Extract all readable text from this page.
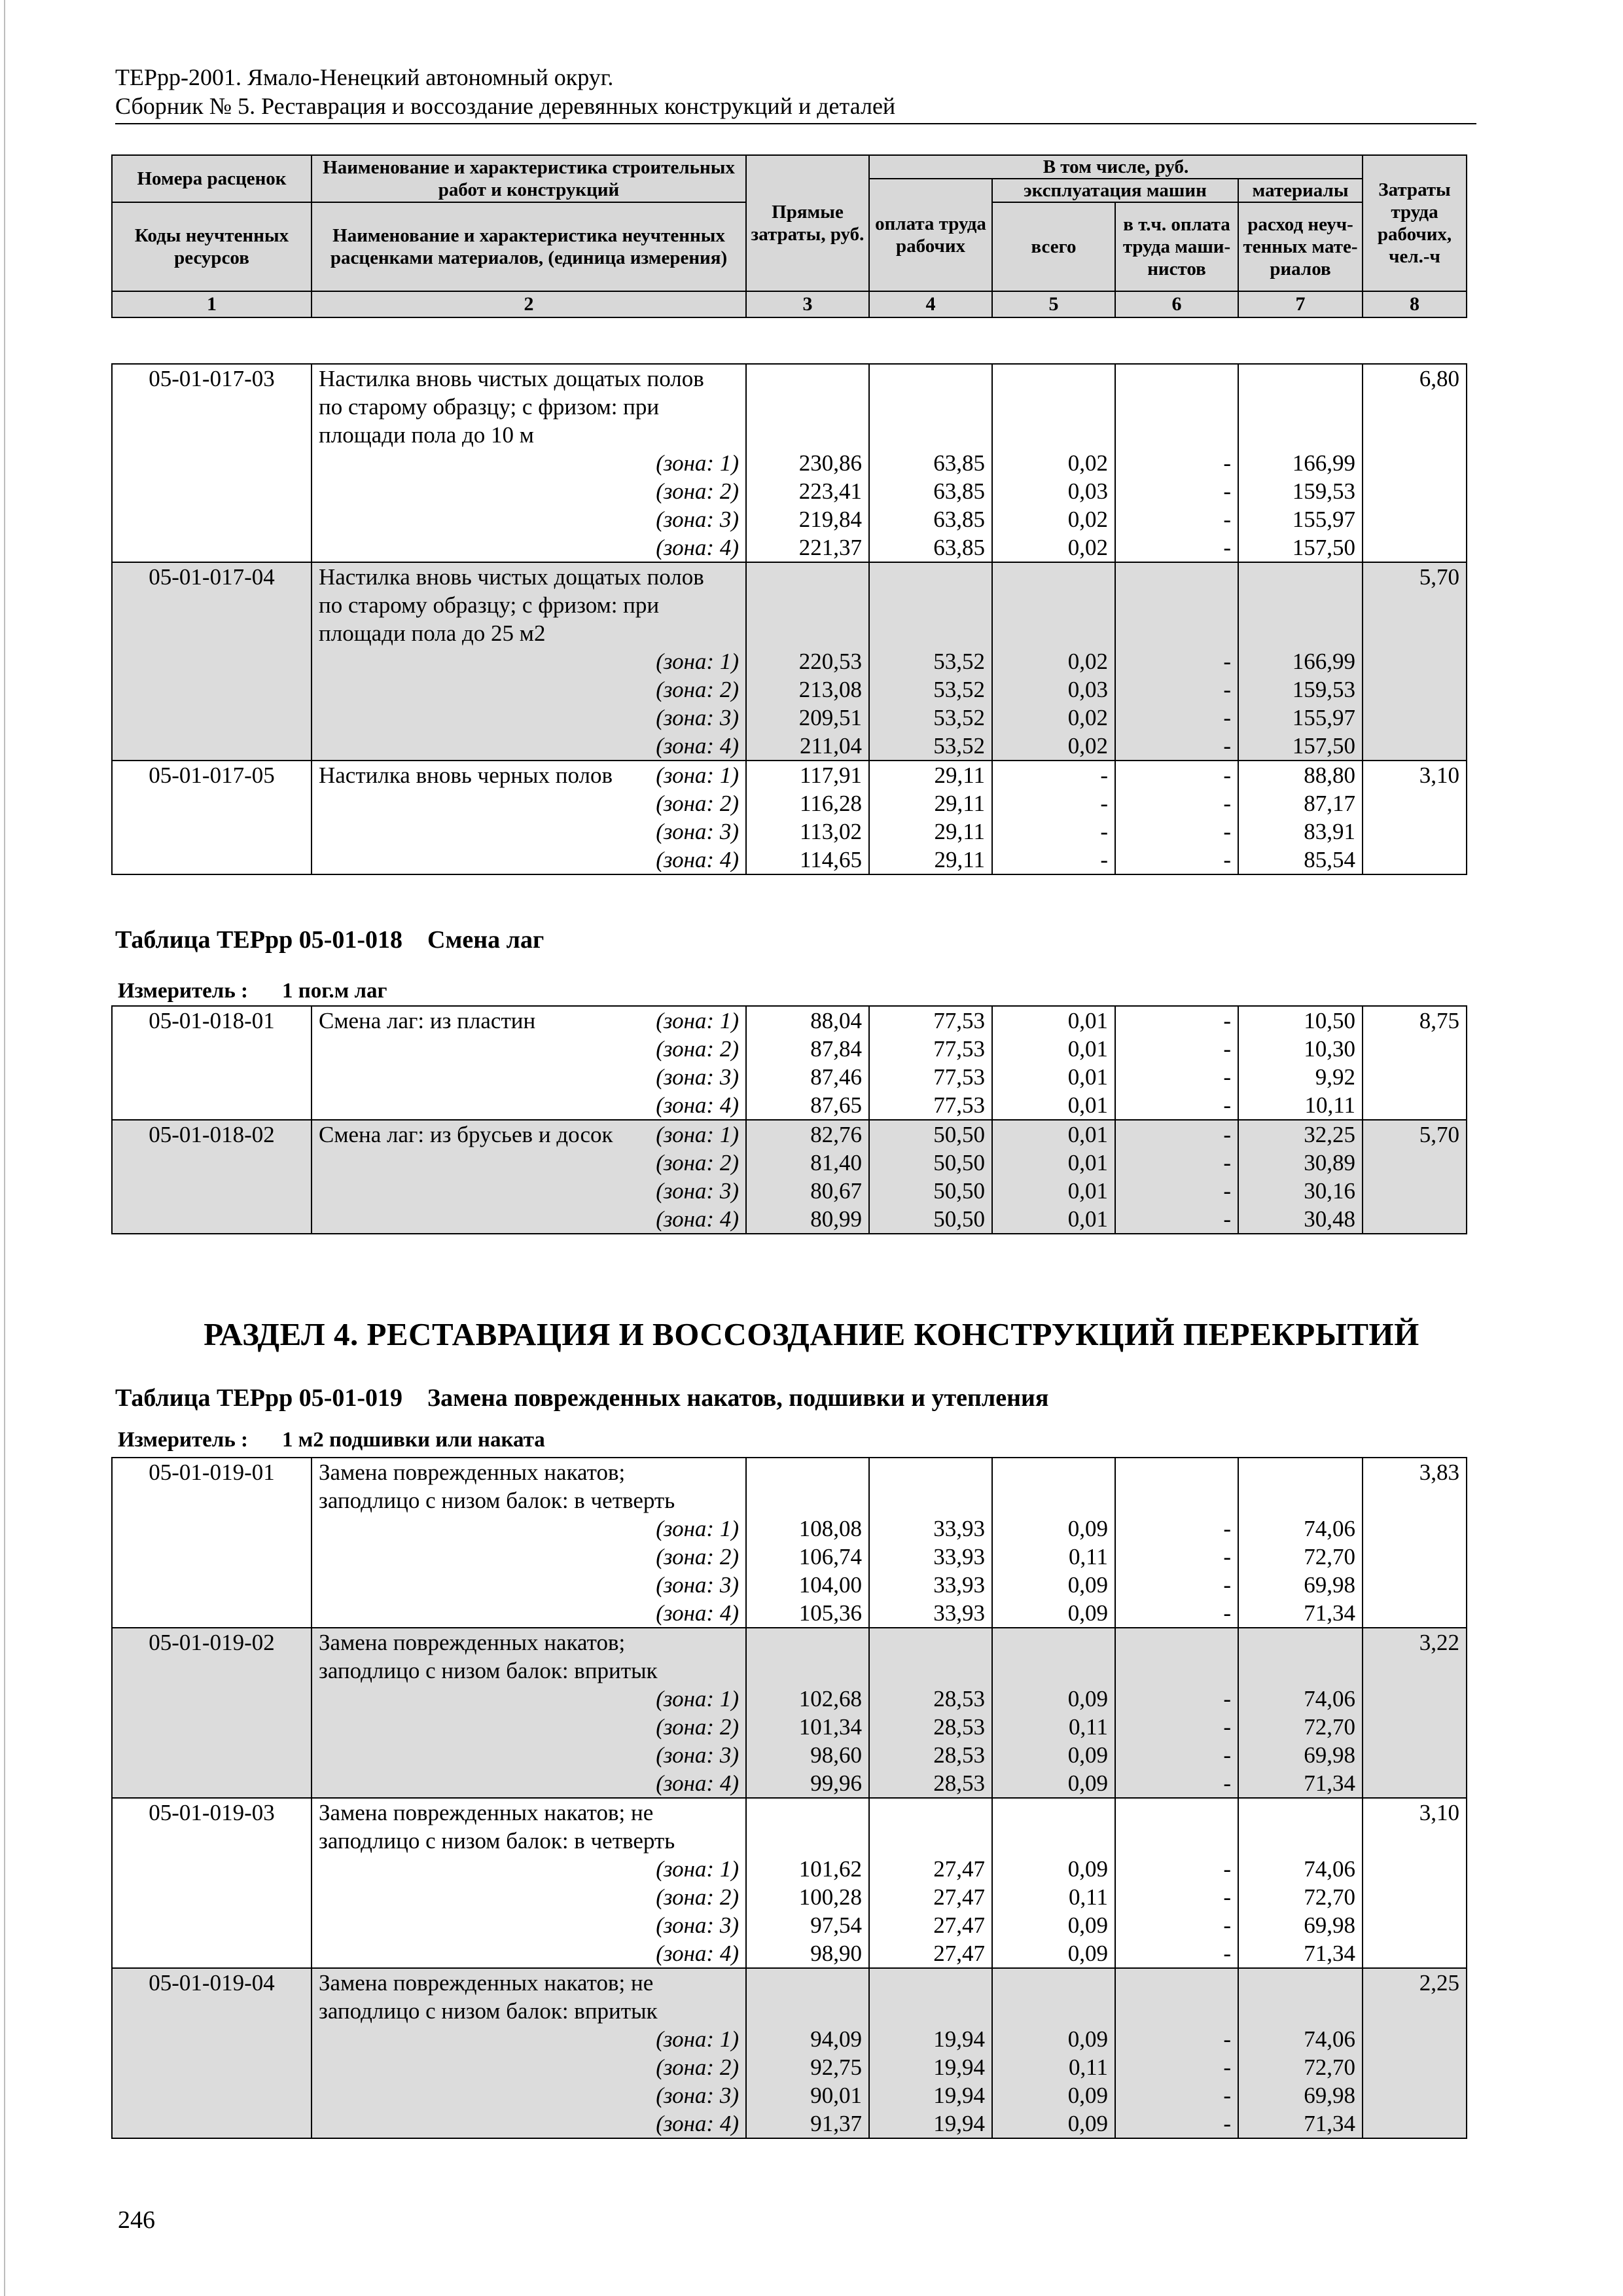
ТЕРрр-2001. Ямало-Ненецкий автономный округ.
Сборник № 5. Реставрация и воссоздание деревянных конструкций и деталей
Номера расценок	Наименование и характеристика строительных работ и конструкций	Прямые затраты, руб.	В том числе, руб.				Затраты труда рабочих, чел.-ч
			оплата труда рабочих	эксплуатация машин		материалы	
Коды неучтенных ресурсов	Наименование и характеристика неучтенных расценками материалов, (единица измерения)			всего	в т.ч. оплата труда маши-нистов	расход неуч-тенных мате-риалов	

1	2	3	4	5	6	7	8
05-01-017-03	Настилка вновь чистых дощатых полов						6,80
	по старому образцу; с фризом: при						
	площади пола до 10 м						
	(зона: 1)	230,86	63,85	0,02	-	166,99	
	(зона: 2)	223,41	63,85	0,03	-	159,53	
	(зона: 3)	219,84	63,85	0,02	-	155,97	
	(зона: 4)	221,37	63,85	0,02	-	157,50	
05-01-017-04	Настилка вновь чистых дощатых полов						5,70
	по старому образцу; с фризом: при						
	площади пола до 25 м2						
	(зона: 1)	220,53	53,52	0,02	-	166,99	
	(зона: 2)	213,08	53,52	0,03	-	159,53	
	(зона: 3)	209,51	53,52	0,02	-	155,97	
	(зона: 4)	211,04	53,52	0,02	-	157,50	
05-01-017-05	Настилка вновь черных полов (зона: 1)	117,91	29,11	-	-	88,80	3,10
	(зона: 2)	116,28	29,11	-	-	87,17	
	(зона: 3)	113,02	29,11	-	-	83,91	
	(зона: 4)	114,65	29,11	-	-	85,54	
Таблица ТЕРрр 05-01-018 Смена лаг
Измеритель : 1 пог.м лаг
05-01-018-01	Смена лаг: из пластин (зона: 1)	88,04	77,53	0,01	-	10,50	8,75
	(зона: 2)	87,84	77,53	0,01	-	10,30	
	(зона: 3)	87,46	77,53	0,01	-	9,92	
	(зона: 4)	87,65	77,53	0,01	-	10,11	
05-01-018-02	Смена лаг: из брусьев и досок (зона: 1)	82,76	50,50	0,01	-	32,25	5,70
	(зона: 2)	81,40	50,50	0,01	-	30,89	
	(зона: 3)	80,67	50,50	0,01	-	30,16	
	(зона: 4)	80,99	50,50	0,01	-	30,48	
РАЗДЕЛ 4. РЕСТАВРАЦИЯ И ВОССОЗДАНИЕ КОНСТРУКЦИЙ ПЕРЕКРЫТИЙ
Таблица ТЕРрр 05-01-019 Замена поврежденных накатов, подшивки и утепления
Измеритель : 1 м2 подшивки или наката
05-01-019-01	Замена поврежденных накатов;						3,83
	заподлицо с низом балок: в четверть						
	(зона: 1)	108,08	33,93	0,09	-	74,06	
	(зона: 2)	106,74	33,93	0,11	-	72,70	
	(зона: 3)	104,00	33,93	0,09	-	69,98	
	(зона: 4)	105,36	33,93	0,09	-	71,34	
05-01-019-02	Замена поврежденных накатов;						3,22
	заподлицо с низом балок: впритык						
	(зона: 1)	102,68	28,53	0,09	-	74,06	
	(зона: 2)	101,34	28,53	0,11	-	72,70	
	(зона: 3)	98,60	28,53	0,09	-	69,98	
	(зона: 4)	99,96	28,53	0,09	-	71,34	
05-01-019-03	Замена поврежденных накатов; не						3,10
	заподлицо с низом балок: в четверть						
	(зона: 1)	101,62	27,47	0,09	-	74,06	
	(зона: 2)	100,28	27,47	0,11	-	72,70	
	(зона: 3)	97,54	27,47	0,09	-	69,98	
	(зона: 4)	98,90	27,47	0,09	-	71,34	
05-01-019-04	Замена поврежденных накатов; не						2,25
	заподлицо с низом балок: впритык						
	(зона: 1)	94,09	19,94	0,09	-	74,06	
	(зона: 2)	92,75	19,94	0,11	-	72,70	
	(зона: 3)	90,01	19,94	0,09	-	69,98	
	(зона: 4)	91,37	19,94	0,09	-	71,34	
246
